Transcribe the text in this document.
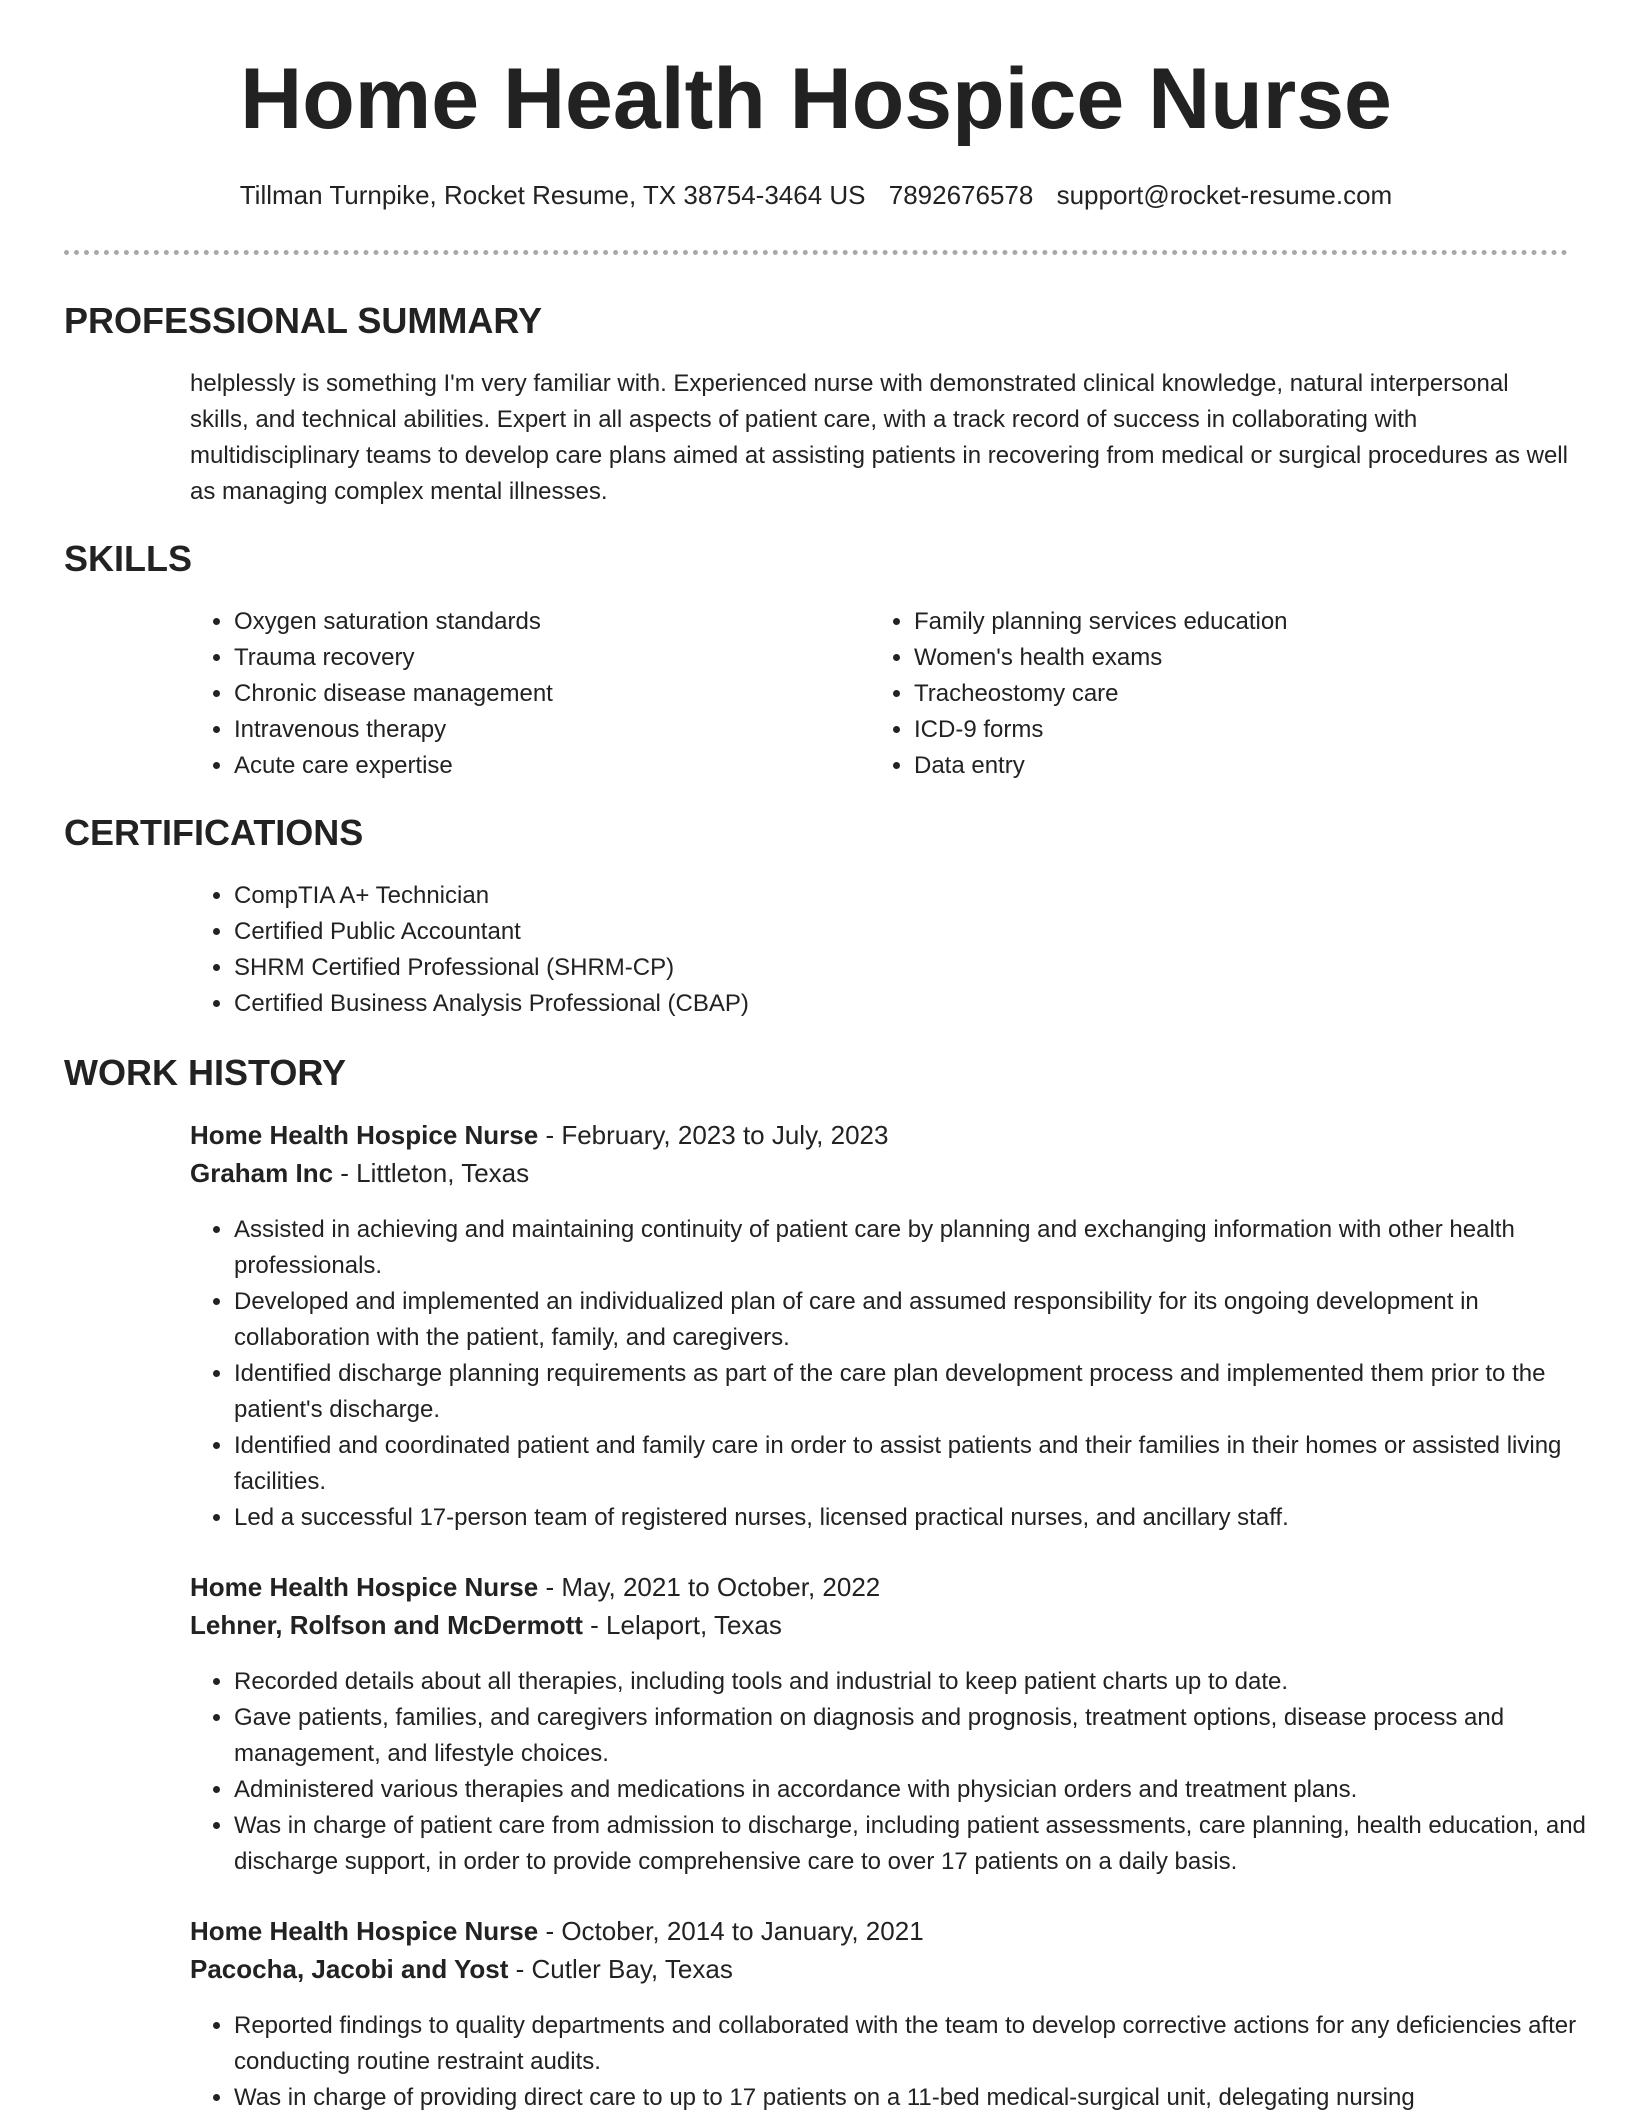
Home Health Hospice Nurse
Tillman Turnpike, Rocket Resume, TX 38754-3464 US 7892676578 support@rocket-resume.com
PROFESSIONAL SUMMARY

helplessly is something I'm very familiar with. Experienced nurse with demonstrated clinical knowledge, natural interpersonal skills, and technical abilities. Expert in all aspects of patient care, with a track record of success in collaborating with multidisciplinary teams to develop care plans aimed at assisting patients in recovering from medical or surgical procedures as well as managing complex mental illnesses.

SKILLS
• Oxygen saturation standards
• Trauma recovery
• Chronic disease management
• Intravenous therapy
• Acute care expertise
• Family planning services education
• Women's health exams
• Tracheostomy care
• ICD-9 forms
• Data entry
CERTIFICATIONS
• CompTIA A+ Technician
• Certified Public Accountant
• SHRM Certified Professional (SHRM-CP)
• Certified Business Analysis Professional (CBAP)
WORK HISTORY
Home Health Hospice Nurse - February, 2023 to July, 2023
Graham Inc - Littleton, Texas
• Assisted in achieving and maintaining continuity of patient care by planning and exchanging information with other health professionals.
• Developed and implemented an individualized plan of care and assumed responsibility for its ongoing development in collaboration with the patient, family, and caregivers.
• Identified discharge planning requirements as part of the care plan development process and implemented them prior to the patient's discharge.
• Identified and coordinated patient and family care in order to assist patients and their families in their homes or assisted living facilities.
• Led a successful 17-person team of registered nurses, licensed practical nurses, and ancillary staff.
Home Health Hospice Nurse - May, 2021 to October, 2022
Lehner, Rolfson and McDermott - Lelaport, Texas
• Recorded details about all therapies, including tools and industrial to keep patient charts up to date.
• Gave patients, families, and caregivers information on diagnosis and prognosis, treatment options, disease process and management, and lifestyle choices.
• Administered various therapies and medications in accordance with physician orders and treatment plans.
• Was in charge of patient care from admission to discharge, including patient assessments, care planning, health education, and discharge support, in order to provide comprehensive care to over 17 patients on a daily basis.
Home Health Hospice Nurse - October, 2014 to January, 2021
Pacocha, Jacobi and Yost - Cutler Bay, Texas
• Reported findings to quality departments and collaborated with the team to develop corrective actions for any deficiencies after conducting routine restraint audits.
• Was in charge of providing direct care to up to 17 patients on a 11-bed medical-surgical unit, delegating nursing
